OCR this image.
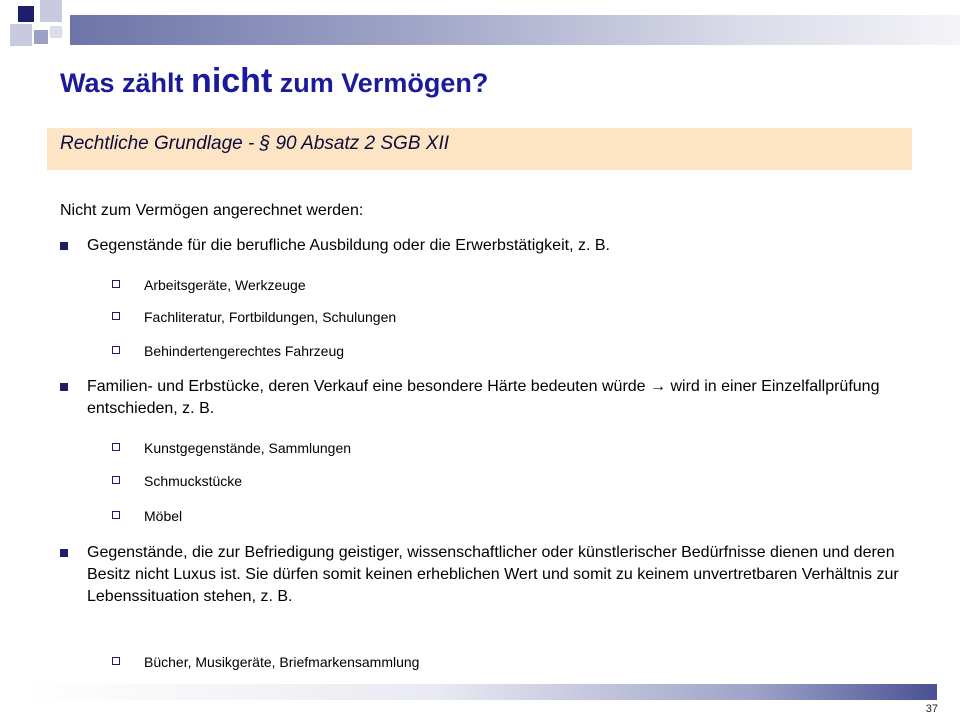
Was zählt nicht zum Vermögen?
Rechtliche Grundlage - § 90 Absatz 2 SGB XII
Nicht zum Vermögen angerechnet werden:
Gegenstände für die berufliche Ausbildung oder die Erwerbstätigkeit, z. B.
Arbeitsgeräte, Werkzeuge
Fachliteratur, Fortbildungen, Schulungen
Behindertengerechtes Fahrzeug
Familien- und Erbstücke, deren Verkauf eine besondere Härte bedeuten würde → wird in einer Einzelfallprüfung entschieden, z. B.
Kunstgegenstände, Sammlungen
Schmuckstücke
Möbel
Gegenstände, die zur Befriedigung geistiger, wissenschaftlicher oder künstlerischer Bedürfnisse dienen und deren Besitz nicht Luxus ist. Sie dürfen somit keinen erheblichen Wert und somit zu keinem unvertretbaren Verhältnis zur Lebenssituation stehen, z. B.
Bücher, Musikgeräte, Briefmarkensammlung
37
